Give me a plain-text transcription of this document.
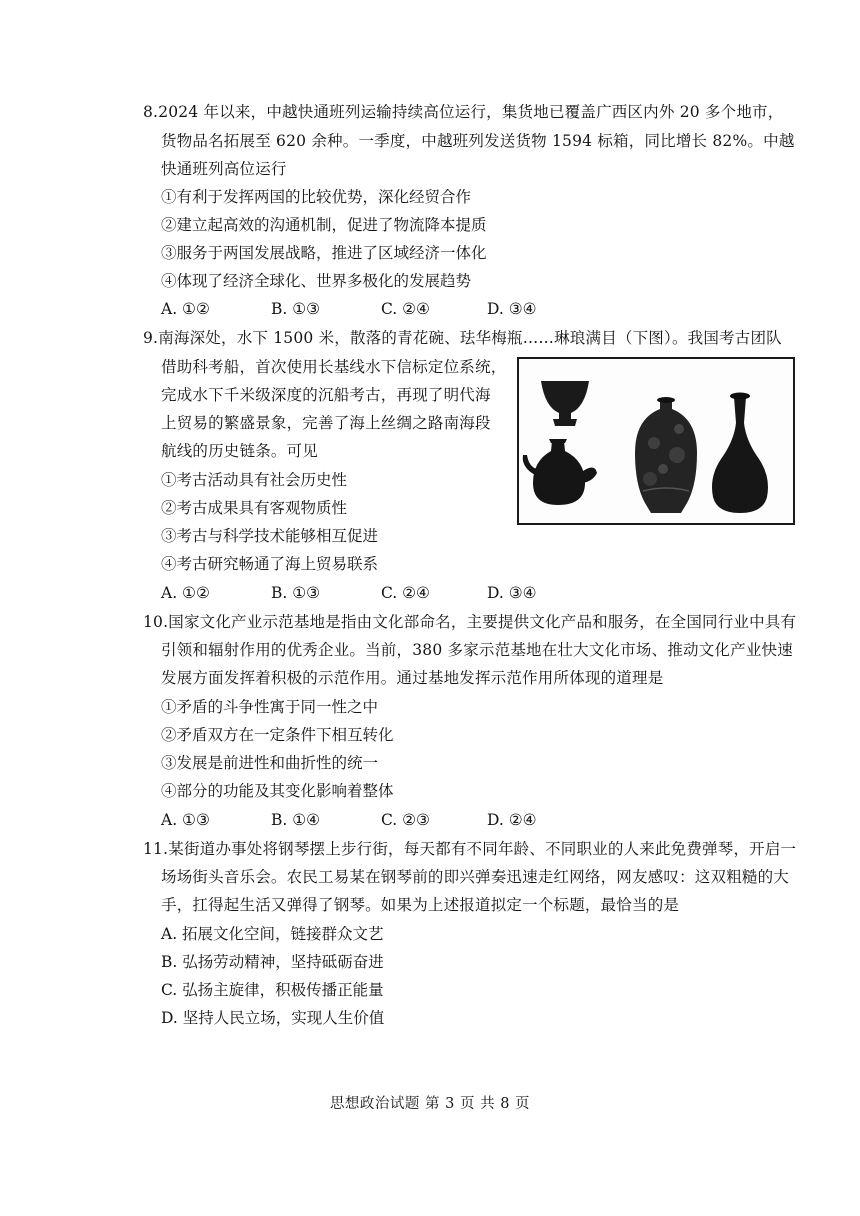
8.2024 年以来，中越快通班列运输持续高位运行，集货地已覆盖广西区内外 20 多个地市，
货物品名拓展至 620 余种。一季度，中越班列发送货物 1594 标箱，同比增长 82%。中越
快通班列高位运行
①有利于发挥两国的比较优势，深化经贸合作
②建立起高效的沟通机制，促进了物流降本提质
③服务于两国发展战略，推进了区域经济一体化
④体现了经济全球化、世界多极化的发展趋势
A. ①②	B. ①③	C. ②④	D. ③④
9.南海深处，水下 1500 米，散落的青花碗、珐华梅瓶……琳琅满目（下图）。我国考古团队
借助科考船，首次使用长基线水下信标定位系统，
完成水下千米级深度的沉船考古，再现了明代海
上贸易的繁盛景象，完善了海上丝绸之路南海段
航线的历史链条。可见
①考古活动具有社会历史性
②考古成果具有客观物质性
③考古与科学技术能够相互促进
④考古研究畅通了海上贸易联系
A. ①②	B. ①③	C. ②④	D. ③④
10.国家文化产业示范基地是指由文化部命名，主要提供文化产品和服务，在全国同行业中具有
引领和辐射作用的优秀企业。当前，380 多家示范基地在壮大文化市场、推动文化产业快速
发展方面发挥着积极的示范作用。通过基地发挥示范作用所体现的道理是
①矛盾的斗争性寓于同一性之中
②矛盾双方在一定条件下相互转化
③发展是前进性和曲折性的统一
④部分的功能及其变化影响着整体
A. ①③	B. ①④	C. ②③	D. ②④
11.某街道办事处将钢琴摆上步行街，每天都有不同年龄、不同职业的人来此免费弹琴，开启一
场场街头音乐会。农民工易某在钢琴前的即兴弹奏迅速走红网络，网友感叹：这双粗糙的大
手，扛得起生活又弹得了钢琴。如果为上述报道拟定一个标题，最恰当的是
A. 拓展文化空间，链接群众文艺
B. 弘扬劳动精神，坚持砥砺奋进
C. 弘扬主旋律，积极传播正能量
D. 坚持人民立场，实现人生价值
思想政治试题 第 3 页 共 8 页
